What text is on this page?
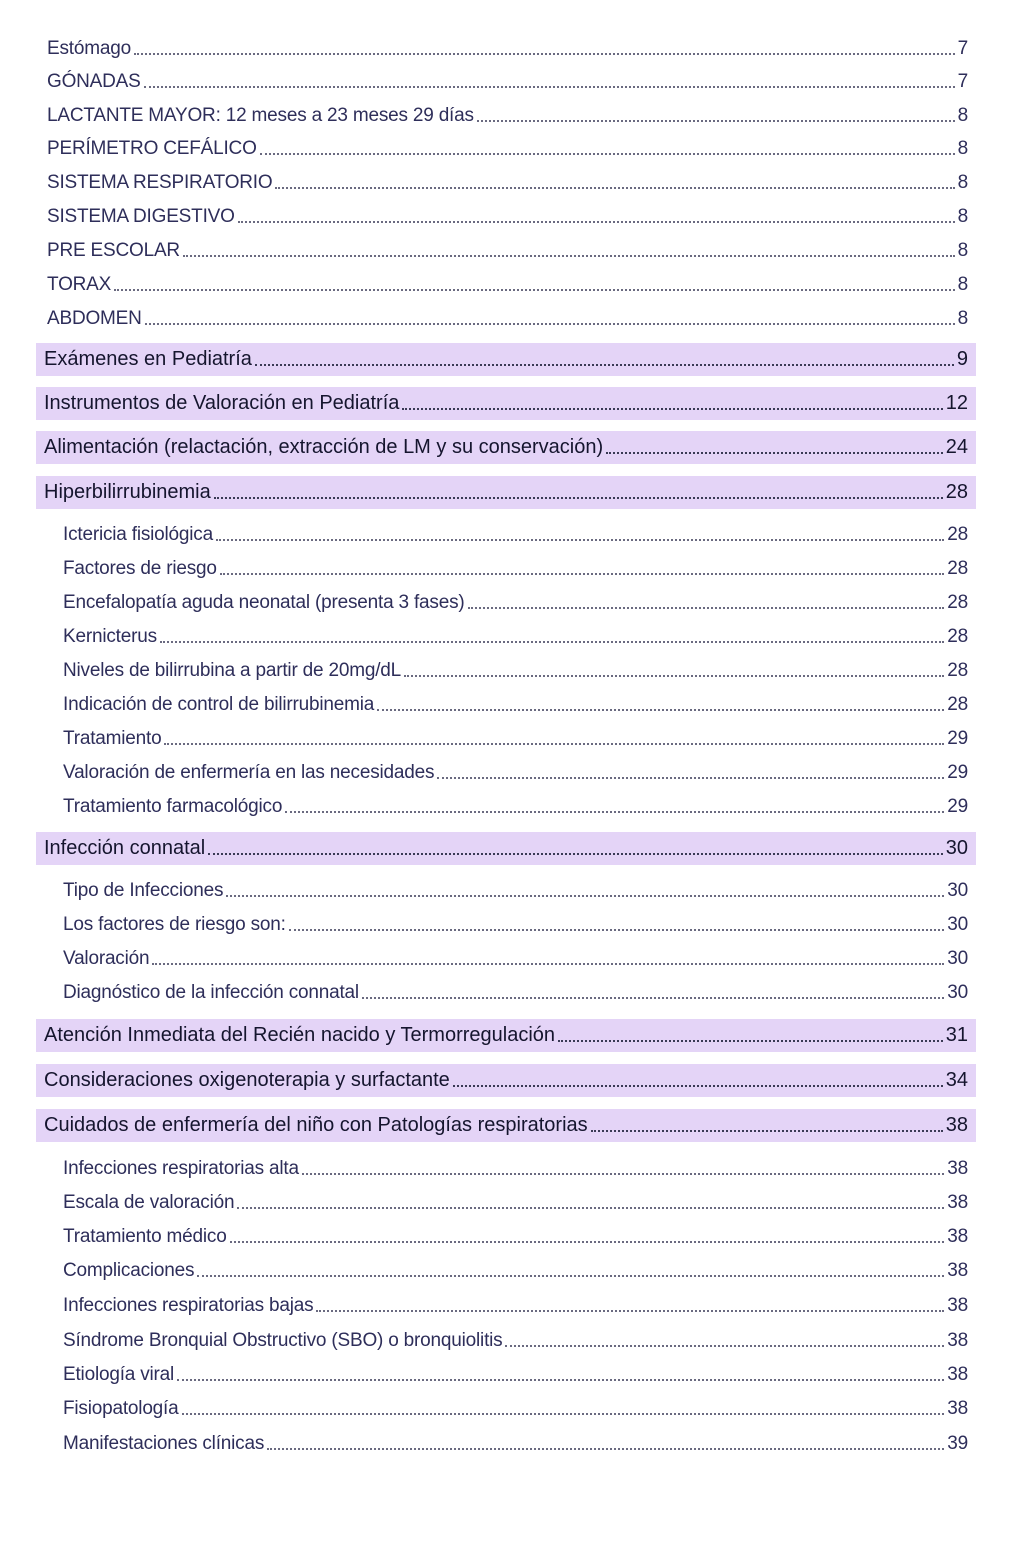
Estómago	7
GÓNADAS	7
LACTANTE MAYOR: 12 meses a 23 meses 29 días	8
PERÍMETRO CEFÁLICO	8
SISTEMA RESPIRATORIO	8
SISTEMA DIGESTIVO	8
PRE ESCOLAR	8
TORAX	8
ABDOMEN	8
Exámenes en Pediatría	9
Instrumentos de Valoración en Pediatría	12
Alimentación (relactación, extracción de LM y su conservación)	24
Hiperbilirrubinemia	28
Ictericia fisiológica	28
Factores de riesgo	28
Encefalopatía aguda neonatal (presenta 3 fases)	28
Kernicterus	28
Niveles de bilirrubina a partir de 20mg/dL	28
Indicación de control de bilirrubinemia	28
Tratamiento	29
Valoración de enfermería en las necesidades	29
Tratamiento farmacológico	29
Infección connatal	30
Tipo de Infecciones	30
Los factores de riesgo son:	30
Valoración	30
Diagnóstico de la infección connatal	30
Atención Inmediata del Recién nacido y Termorregulación	31
Consideraciones oxigenoterapia y surfactante	34
Cuidados de enfermería del niño con Patologías respiratorias	38
Infecciones respiratorias alta	38
Escala de valoración	38
Tratamiento médico	38
Complicaciones	38
Infecciones respiratorias bajas	38
Síndrome Bronquial Obstructivo (SBO) o bronquiolitis	38
Etiología viral	38
Fisiopatología	38
Manifestaciones clínicas	39
